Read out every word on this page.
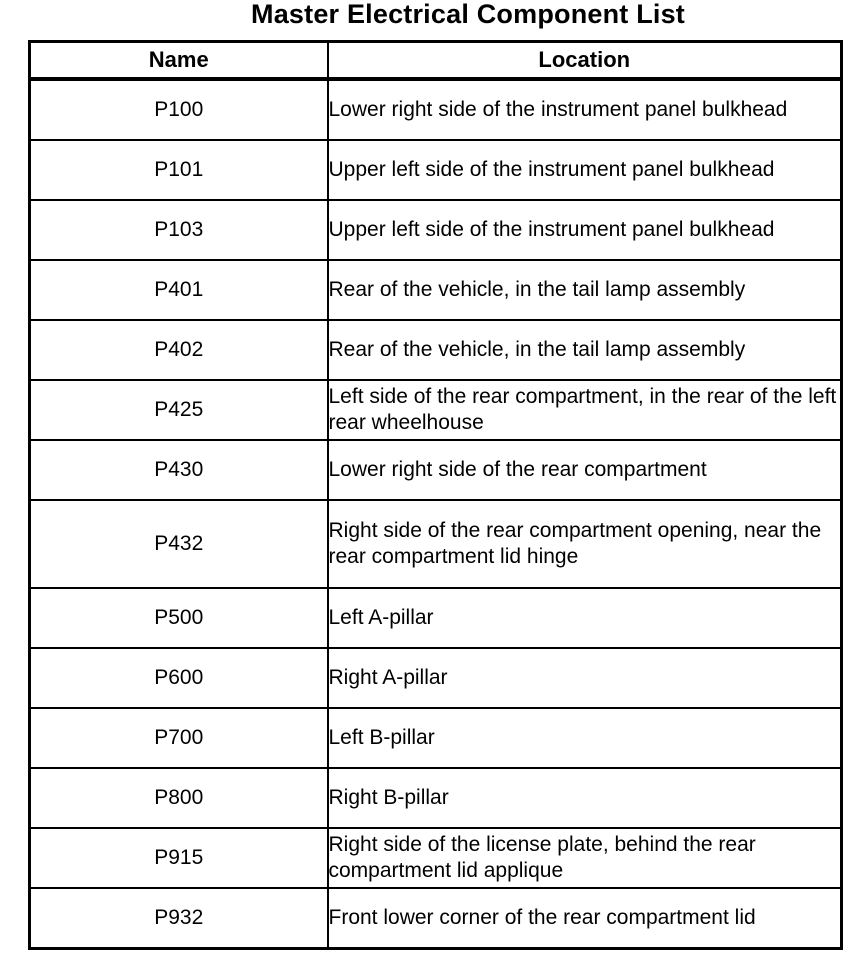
Master Electrical Component List
Name	Location
P100	Lower right side of the instrument panel bulkhead
P101	Upper left side of the instrument panel bulkhead
P103	Upper left side of the instrument panel bulkhead
P401	Rear of the vehicle, in the tail lamp assembly
P402	Rear of the vehicle, in the tail lamp assembly
P425	Left side of the rear compartment, in the rear of the left rear wheelhouse
P430	Lower right side of the rear compartment
P432	Right side of the rear compartment opening, near the rear compartment lid hinge
P500	Left A-pillar
P600	Right A-pillar
P700	Left B-pillar
P800	Right B-pillar
P915	Right side of the license plate, behind the rear compartment lid applique
P932	Front lower corner of the rear compartment lid
